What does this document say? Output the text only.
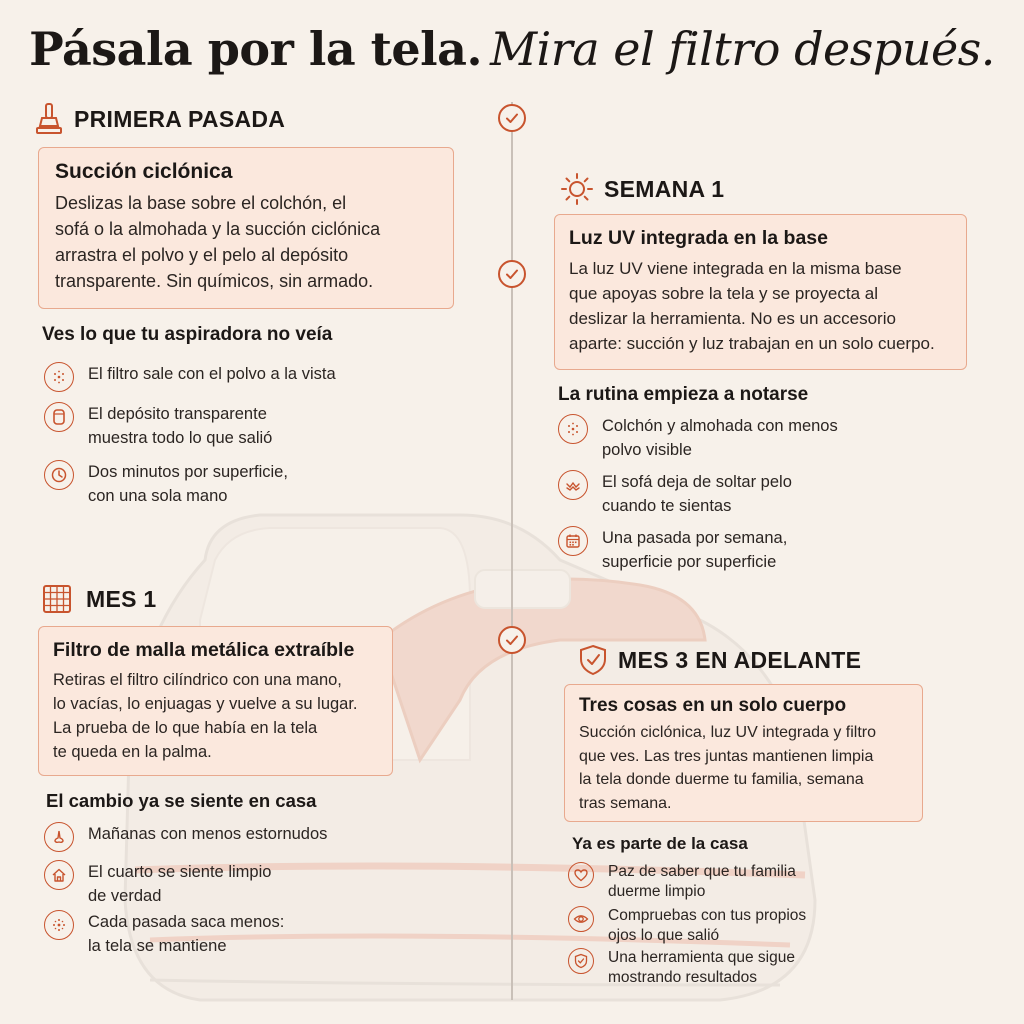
Pásala por la tela. Mira el filtro después.
PRIMERA PASADA
Succión ciclónica
Deslizas la base sobre el colchón, el
sofá o la almohada y la succión ciclónica
arrastra el polvo y el pelo al depósito
transparente. Sin químicos, sin armado.
Ves lo que tu aspiradora no veía
El filtro sale con el polvo a la vista
El depósito transparente
muestra todo lo que salió
Dos minutos por superficie,
con una sola mano
SEMANA 1
Luz UV integrada en la base
La luz UV viene integrada en la misma base
que apoyas sobre la tela y se proyecta al
deslizar la herramienta. No es un accesorio
aparte: succión y luz trabajan en un solo cuerpo.
La rutina empieza a notarse
Colchón y almohada con menos
polvo visible
El sofá deja de soltar pelo
cuando te sientas
Una pasada por semana,
superficie por superficie
MES 1
Filtro de malla metálica extraíble
Retiras el filtro cilíndrico con una mano,
lo vacías, lo enjuagas y vuelve a su lugar.
La prueba de lo que había en la tela
te queda en la palma.
El cambio ya se siente en casa
Mañanas con menos estornudos
El cuarto se siente limpio
de verdad
Cada pasada saca menos:
la tela se mantiene
MES 3 EN ADELANTE
Tres cosas en un solo cuerpo
Succión ciclónica, luz UV integrada y filtro
que ves. Las tres juntas mantienen limpia
la tela donde duerme tu familia, semana
tras semana.
Ya es parte de la casa
Paz de saber que tu familia
duerme limpio
Compruebas con tus propios
ojos lo que salió
Una herramienta que sigue
mostrando resultados
